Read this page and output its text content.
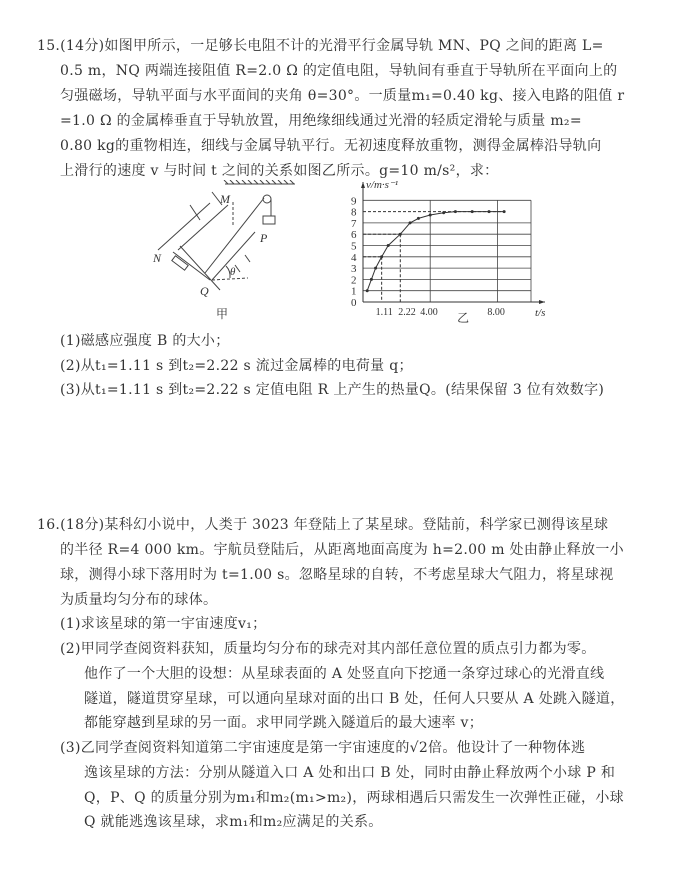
15.(14分)如图甲所示，一足够长电阻不计的光滑平行金属导轨 MN、PQ 之间的距离 L=
0.5 m，NQ 两端连接阻值 R=2.0 Ω 的定值电阻，导轨间有垂直于导轨所在平面向上的
匀强磁场，导轨平面与水平面间的夹角 θ=30°。一质量m₁=0.40 kg、接入电路的阻值 r
=1.0 Ω 的金属棒垂直于导轨放置，用绝缘细线通过光滑的轻质定滑轮与质量 m₂=
0.80 kg的重物相连，细线与金属导轨平行。无初速度释放重物，测得金属棒沿导轨向
上滑行的速度 v 与时间 t 之间的关系如图乙所示。g=10 m/s²，求：
M
N
P
Q
θ
甲
0
1
2
3
4
5
6
7
8
9
1.11 2.22 4.00	8.00
v/m·s⁻¹
t/s
乙
(1)磁感应强度 B 的大小；
(2)从t₁=1.11 s 到t₂=2.22 s 流过金属棒的电荷量 q；
(3)从t₁=1.11 s 到t₂=2.22 s 定值电阻 R 上产生的热量Q。(结果保留 3 位有效数字)
16.(18分)某科幻小说中，人类于 3023 年登陆上了某星球。登陆前，科学家已测得该星球
的半径 R=4 000 km。宇航员登陆后，从距离地面高度为 h=2.00 m 处由静止释放一小
球，测得小球下落用时为 t=1.00 s。忽略星球的自转，不考虑星球大气阻力，将星球视
为质量均匀分布的球体。
(1)求该星球的第一宇宙速度v₁；
(2)甲同学查阅资料获知，质量均匀分布的球壳对其内部任意位置的质点引力都为零。
他作了一个大胆的设想：从星球表面的 A 处竖直向下挖通一条穿过球心的光滑直线
隧道，隧道贯穿星球，可以通向星球对面的出口 B 处，任何人只要从 A 处跳入隧道，
都能穿越到星球的另一面。求甲同学跳入隧道后的最大速率 v；
(3)乙同学查阅资料知道第二宇宙速度是第一宇宙速度的√2倍。他设计了一种物体逃
逸该星球的方法：分别从隧道入口 A 处和出口 B 处，同时由静止释放两个小球 P 和
Q，P、Q 的质量分别为m₁和m₂(m₁>m₂)，两球相遇后只需发生一次弹性正碰，小球
Q 就能逃逸该星球，求m₁和m₂应满足的关系。
